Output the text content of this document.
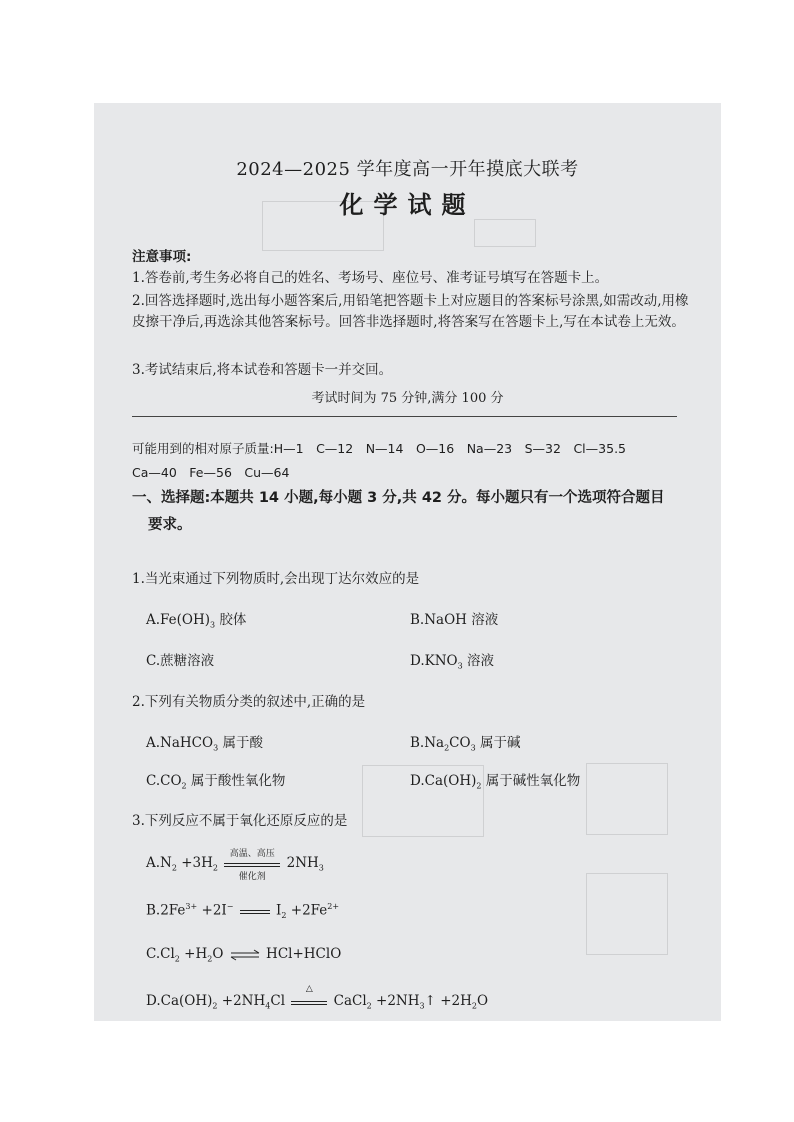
2024—2025 学年度高一开年摸底大联考
化学试题
注意事项:
1.答卷前,考生务必将自己的姓名、考场号、座位号、准考证号填写在答题卡上。
2.回答选择题时,选出每小题答案后,用铅笔把答题卡上对应题目的答案标号涂黑,如需改动,用橡皮擦干净后,再选涂其他答案标号。回答非选择题时,将答案写在答题卡上,写在本试卷上无效。
3.考试结束后,将本试卷和答题卡一并交回。
考试时间为 75 分钟,满分 100 分
可能用到的相对原子质量:H—1　C—12　N—14　O—16　Na—23　S—32　Cl—35.5
Ca—40　Fe—56　Cu—64
一、选择题:本题共 14 小题,每小题 3 分,共 42 分。每小题只有一个选项符合题目
要求。
1.当光束通过下列物质时,会出现丁达尔效应的是
$A.Fe(OH)_3$ 胶体	B.NaOH 溶液
C.蔗糖溶液	$D.KNO_3$ 溶液
2.下列有关物质分类的叙述中,正确的是
A.NaHCO$_3$ 属于酸	$B.Na_2CO_3$ 属于碱
$C.CO_2$ 属于酸性氧化物	$D.Ca(OH)_2$ 属于碱性氧化物
3.下列反应不属于氧化还原反应的是
$A.N_2 +3H_2$
高温、高压
催化剂
$2NH_3$
$B.2Fe^{3+} +2I^-$	$I_2 +2Fe^{2+}$
$C.Cl_2 +H_2O$ ⇌ HCl+HClO
$D.Ca(OH)_2 +2NH_4Cl$
△
CaCl$_2$ $+2NH_3↑ +2H_2O$
